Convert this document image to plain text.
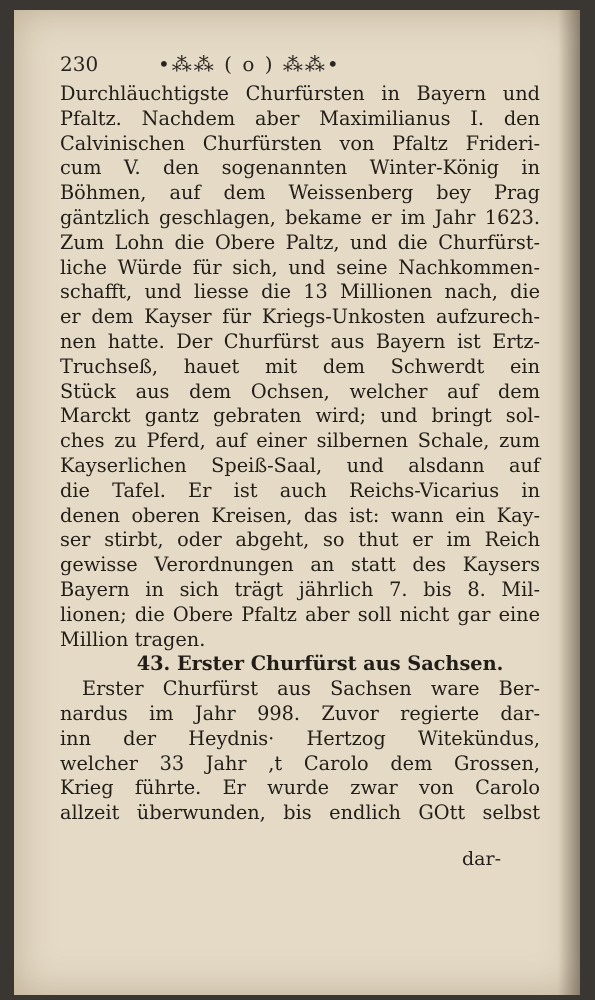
230	•⁂⁂ ( o ) ⁂⁂•
Durchläuchtigste Churfürsten in Bayern und
Pfaltz. Nachdem aber Maximilianus I. den
Calvinischen Churfürsten von Pfaltz Frideri-
cum V. den sogenannten Winter-König in
Böhmen, auf dem Weissenberg bey Prag
gäntzlich geschlagen, bekame er im Jahr 1623.
Zum Lohn die Obere Paltz, und die Churfürst-
liche Würde für sich, und seine Nachkommen-
schafft, und liesse die 13 Millionen nach, die
er dem Kayser für Kriegs-Unkosten aufzurech-
nen hatte. Der Churfürst aus Bayern ist Ertz-
Truchseß, hauet mit dem Schwerdt ein
Stück aus dem Ochsen, welcher auf dem
Marckt gantz gebraten wird; und bringt sol-
ches zu Pferd, auf einer silbernen Schale, zum
Kayserlichen Speiß-Saal, und alsdann auf
die Tafel. Er ist auch Reichs-Vicarius in
denen oberen Kreisen, das ist: wann ein Kay-
ser stirbt, oder abgeht, so thut er im Reich
gewisse Verordnungen an statt des Kaysers
Bayern in sich trägt jährlich 7. bis 8. Mil-
lionen; die Obere Pfaltz aber soll nicht gar eine
Million tragen.
43. Erster Churfürst aus Sachsen.
Erster Churfürst aus Sachsen ware Ber-
nardus im Jahr 998. Zuvor regierte dar-
inn der Heydnis· Hertzog Witekündus,
welcher 33 Jahr ,t Carolo dem Grossen,
Krieg führte. Er wurde zwar von Carolo
allzeit überwunden, bis endlich GOtt selbst
dar-
